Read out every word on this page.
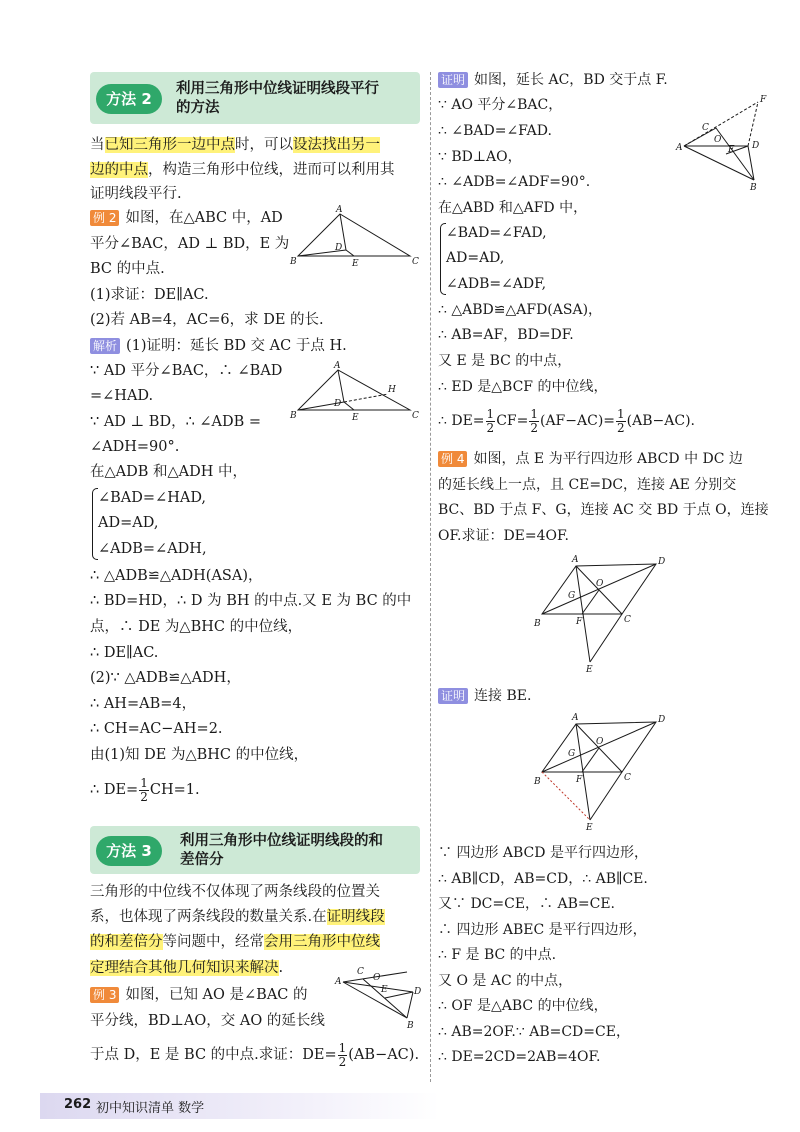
方法 2
利用三角形中位线证明线段平行
的方法
当已知三角形一边中点时，可以设法找出另一
边的中点，构造三角形中位线，进而可以利用其
证明线段平行.
例 2 如图，在△ABC 中，AD
平分∠BAC，AD ⊥ BD，E 为
BC 的中点.
(1)求证：DE∥AC.
(2)若 AB=4，AC=6，求 DE 的长.
A
B	C
D
E
解析 (1)证明：延长 BD 交 AC 于点 H.
∵ AD 平分∠BAC，∴ ∠BAD
=∠HAD.
∵ AD ⊥ BD，∴ ∠ADB =
∠ADH=90°.
A
B	C
D
E
H
在△ADB 和△ADH 中，
∠BAD=∠HAD,
AD=AD,
∠ADB=∠ADH,
∴ △ADB≌△ADH(ASA)，
∴ BD=HD，∴ D 为 BH 的中点.又 E 为 BC 的中
点，∴ DE 为△BHC 的中位线，
∴ DE∥AC.
(2)∵ △ADB≌△ADH，
∴ AH=AB=4，
∴ CH=AC−AH=2.
由(1)知 DE 为△BHC 的中位线，
∴ $DE= \frac{1}{2} CH=1$.
方法 3
利用三角形中位线证明线段的和
差倍分
三角形的中位线不仅体现了两条线段的位置关
系，也体现了两条线段的数量关系.在证明线段
的和差倍分等问题中，经常会用三角形中位线
定理结合其他几何知识来解决.
A
C
O
E	D
B
例 3 如图，已知 AO 是∠BAC 的
平分线，BD⊥AO，交 AO 的延长线
于点 D，E 是 BC 的中点.求证：$DE= \frac{1}{2} (AB-AC)$.
证明 如图，延长 AC，BD 交于点 F.
∵ AO 平分∠BAC，
∴ ∠BAD=∠FAD.
∵ BD⊥AO，
∴ ∠ADB=∠ADF=90°.
A
F
C
O
E D
B
在△ABD 和△AFD 中，
∠BAD=∠FAD,
AD=AD,
∠ADB=∠ADF,
∴ △ABD≌△AFD(ASA)，
∴ AB=AF，BD=DF.
又 E 是 BC 的中点，
∴ ED 是△BCF 的中位线，
∴ $DE= \frac{1}{2} CF= \frac{1}{2} (AF-AC)= \frac{1}{2} (AB-AC)$.
例 4 如图，点 E 为平行四边形 ABCD 中 DC 边
的延长线上一点，且 CE=DC，连接 AE 分别交
BC、BD 于点 F、G，连接 AC 交 BD 于点 O，连接
OF.求证：DE=4OF.
A	D
O
G
B	F	C
E
证明 连接 BE.
A	D
O
G
B	F	C
E
∵ 四边形 ABCD 是平行四边形，
∴ AB∥CD，AB=CD，∴ AB∥CE.
又∵ DC=CE，∴ AB=CE.
∴ 四边形 ABEC 是平行四边形，
∴ F 是 BC 的中点.
又 O 是 AC 的中点，
∴ OF 是△ABC 的中位线，
∴ AB=2OF.∵ AB=CD=CE，
∴ DE=2CD=2AB=4OF.
262 初中知识清单 数学
